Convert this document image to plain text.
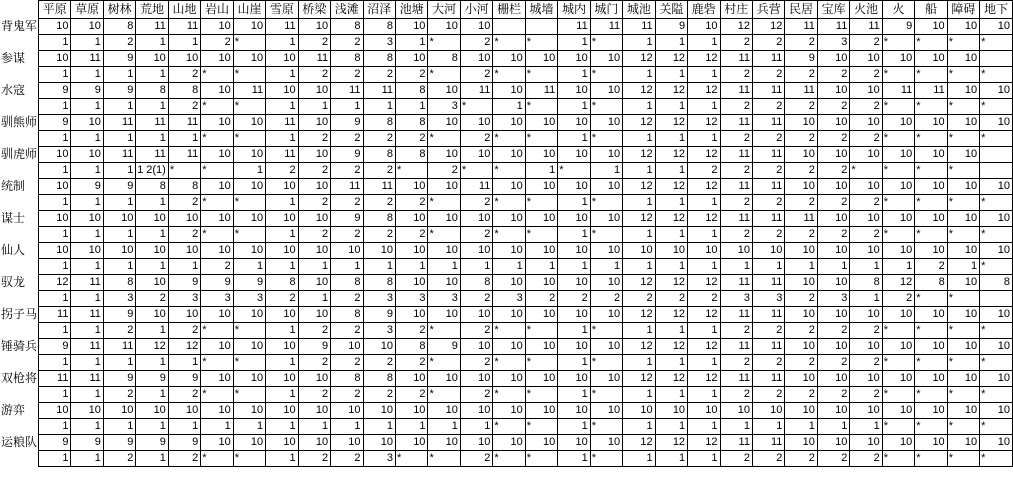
	平原	草原	树林	荒地	山地	岩山	山崖	雪原	桥梁	浅滩	沼泽	池塘	大河	小河	栅栏	城墙	城内	城门	城池	关隘	鹿砦	村庄	兵营	民居	宝库	火池	火	船	障碍	地下
背鬼军	10	10	8	11	11	10	10	11	10	8	8	10	10	10			11	11	11	9	10	12	12	11	11	11	9	10	10	10
	1	1	2	1	1	2	*	1	2	2	3	1	*	2	*	*	1	*	1	1	1	2	2	2	3	2	*	*	*	*
参谋	10	11	9	10	10	10	10	10	11	8	8	10	8	10	10	10	10	10	12	12	12	11	11	9	10	10	10	10	10	
	1	1	1	1	2	*	*	1	2	2	2	2	*	2	*	*	1	*	1	1	1	2	2	2	2	2	*	*	*	*
水寇	9	9	9	8	8	10	11	10	10	11	11	8	10	11	10	11	10	10	12	12	12	11	11	11	10	10	11	11	10	10
	1	1	1	1	2	*	*	1	1	1	1	1	3	*	1	*	1	*	1	1	1	2	2	2	2	2	*	*	*	*
驯熊师	9	10	11	11	11	10	10	11	10	9	8	8	10	10	10	10	10	10	12	12	12	11	11	10	10	10	10	10	10	10
	1	1	1	1	1	*	*	1	2	2	2	2	*	2	*	*	1	*	1	1	1	2	2	2	2	2	*	*	*	*
驯虎师	10	10	11	11	11	10	10	11	10	9	8	8	10	10	10	10	10	10	12	12	12	11	11	10	10	10	10	10	10	
	1	1	1	1 2(1)	*	*	1	2	2	2	2	*	2	*	*	1	*	1	1	1	2	2	2	2	2	*	*	*	*	
统制	10	9	9	8	8	10	10	10	10	11	11	10	10	11	10	10	10	10	12	12	12	11	11	10	10	10	10	10	10	10
	1	1	1	1	2	*	*	1	2	2	2	2	*	2	*	*	1	*	1	1	1	2	2	2	2	2	*	*	*	*
谋士	10	10	10	10	10	10	10	10	10	9	8	10	10	10	10	10	10	10	12	12	12	11	11	11	10	10	10	10	10	10
	1	1	1	1	2	*	*	1	2	2	2	2	*	2	*	*	1	*	1	1	1	2	2	2	2	2	*	*	*	*
仙人	10	10	10	10	10	10	10	10	10	10	10	10	10	10	10	10	10	10	10	10	10	10	10	10	10	10	10	10	10	10
	1	1	1	1	1	2	1	1	1	1	1	1	1	1	1	1	1	1	1	1	1	1	1	1	1	1	1	2	1	*
驭龙	12	11	8	10	9	9	9	8	10	8	8	10	10	8	10	10	10	10	12	12	12	11	11	10	10	8	12	8	10	8
	1	1	3	2	3	3	3	2	1	2	3	3	3	2	3	2	2	2	2	2	2	3	3	2	3	1	2	*	*	
拐子马	11	11	9	10	10	10	10	10	10	8	9	10	10	10	10	10	10	10	12	12	12	11	11	10	10	10	10	10	10	10
	1	1	2	1	2	*	*	1	2	2	3	2	*	2	*	*	1	*	1	1	1	2	2	2	2	2	*	*	*	*
锤骑兵	9	11	11	12	12	10	10	10	9	10	10	8	9	10	10	10	10	10	12	12	12	11	11	10	10	10	10	10	10	10
	1	1	1	1	1	*	*	1	2	2	2	2	*	2	*	*	1	*	1	1	1	2	2	2	2	2	*	*	*	*
双枪将	11	11	9	9	9	10	10	10	10	8	8	10	10	10	10	10	10	10	12	12	12	11	11	10	10	10	10	10	10	10
	1	1	2	1	2	*	*	1	2	2	2	2	*	2	*	*	1	*	1	1	1	2	2	2	2	2	*	*	*	*
游弈	10	10	10	10	10	10	10	10	10	10	10	10	10	10	10	10	10	10	10	10	10	10	10	10	10	10	10	10	10	10
	1	1	1	1	1	1	1	1	1	1	1	1	1	1	*	*	1	*	1	1	1	1	1	1	1	1	*	*	*	*
运粮队	9	9	9	9	9	10	10	10	10	10	10	10	10	10	10	10	10	10	12	12	12	11	11	10	10	10	10	10	10	10
	1	1	2	1	2	*	*	1	2	2	3	*	*	2	*	*	1	*	1	1	1	2	2	2	2	2	*	*	*	*
